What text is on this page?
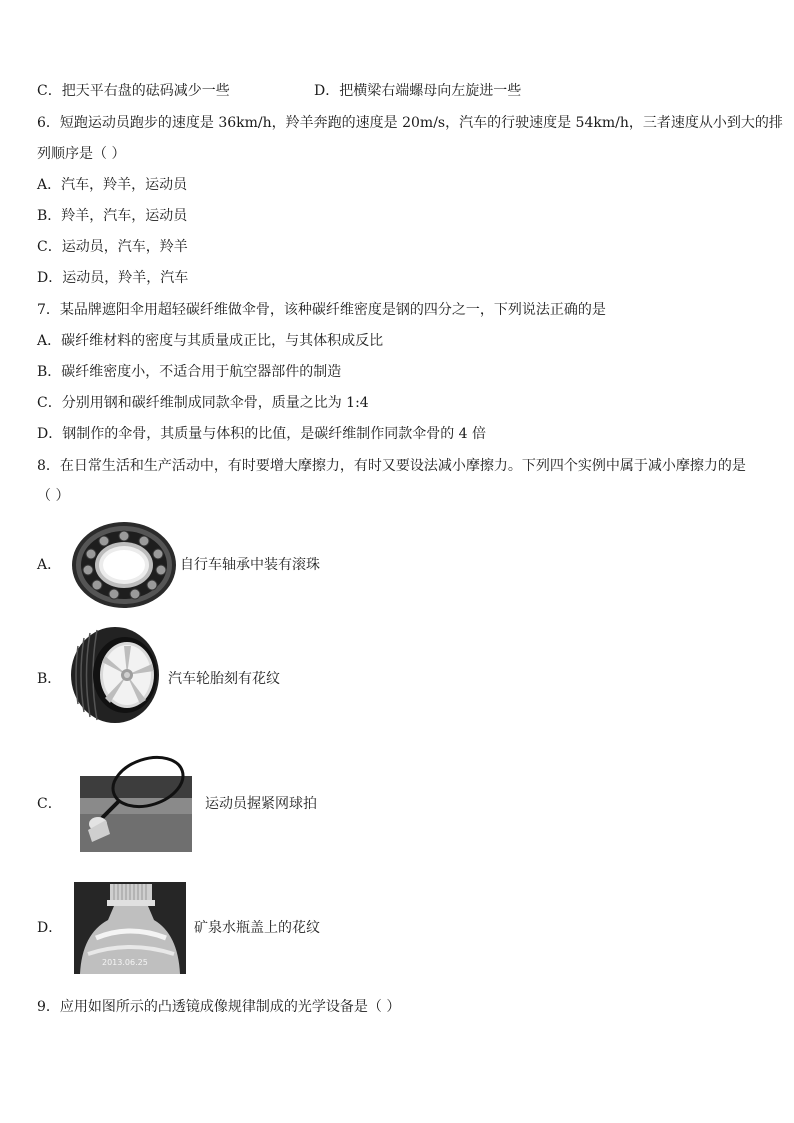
C．把天平右盘的砝码减少一些	D．把横梁右端螺母向左旋进一些
6．短跑运动员跑步的速度是 36km/h，羚羊奔跑的速度是 20m/s，汽车的行驶速度是 54km/h，三者速度从小到大的排
列顺序是（ ）
A．汽车，羚羊，运动员
B．羚羊，汽车，运动员
C．运动员，汽车，羚羊
D．运动员，羚羊，汽车
7．某品牌遮阳伞用超轻碳纤维做伞骨，该种碳纤维密度是钢的四分之一，下列说法正确的是
A．碳纤维材料的密度与其质量成正比，与其体积成反比
B．碳纤维密度小，不适合用于航空器部件的制造
C．分别用钢和碳纤维制成同款伞骨，质量之比为 1:4
D．钢制作的伞骨，其质量与体积的比值，是碳纤维制作同款伞骨的 4 倍
8．在日常生活和生产活动中，有时要增大摩擦力，有时又要设法减小摩擦力。下列四个实例中属于减小摩擦力的是
（ ）
A．	自行车轴承中装有滚珠
B．	汽车轮胎刻有花纹
C．	运动员握紧网球拍
D．
2013.06.25
矿泉水瓶盖上的花纹
9．应用如图所示的凸透镜成像规律制成的光学设备是（ ）
